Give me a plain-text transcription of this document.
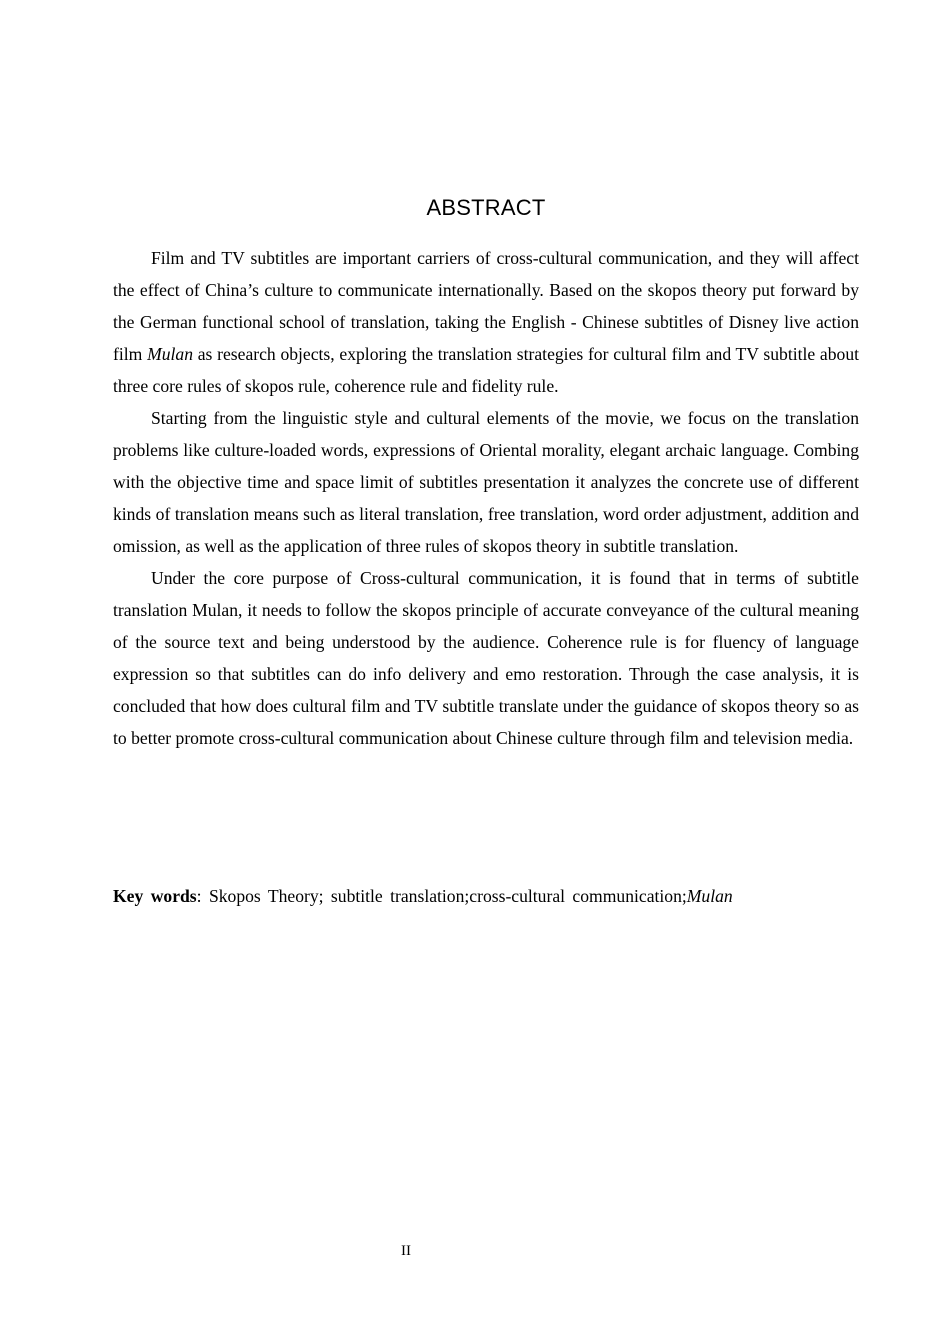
ABSTRACT

Film and TV subtitles are important carriers of cross-cultural communication, and they will affect the effect of China’s culture to communicate internationally. Based on the skopos theory put forward by the German functional school of translation, taking the English - Chinese subtitles of Disney live action film Mulan as research objects, exploring the translation strategies for cultural film and TV subtitle about three core rules of skopos rule, coherence rule and fidelity rule.

Starting from the linguistic style and cultural elements of the movie, we focus on the translation problems like culture-loaded words, expressions of Oriental morality, elegant archaic language. Combing with the objective time and space limit of subtitles presentation it analyzes the concrete use of different kinds of translation means such as literal translation, free translation, word order adjustment, addition and omission, as well as the application of three rules of skopos theory in subtitle translation.

Under the core purpose of Cross-cultural communication, it is found that in terms of subtitle translation Mulan, it needs to follow the skopos principle of accurate conveyance of the cultural meaning of the source text and being understood by the audience. Coherence rule is for fluency of language expression so that subtitles can do info delivery and emo restoration. Through the case analysis, it is concluded that how does cultural film and TV subtitle translate under the guidance of skopos theory so as to better promote cross-cultural communication about Chinese culture through film and television media.

Key words: Skopos Theory; subtitle translation;cross-cultural communication;Mulan
II
